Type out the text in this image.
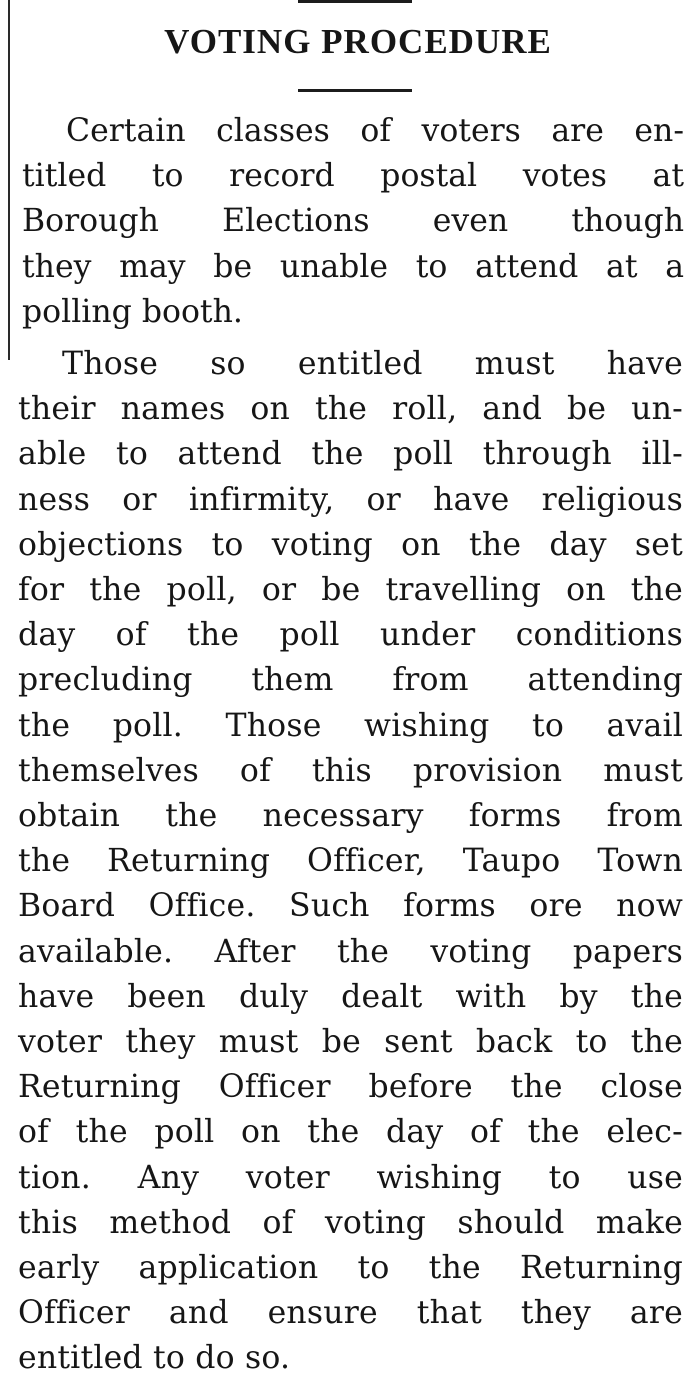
VOTING PROCEDURE

Certain classes of voters are en-
titled to record postal votes at
Borough Elections even though
they may be unable to attend at a
polling booth.

Those so entitled must have
their names on the roll, and be un-
able to attend the poll through ill-
ness or infirmity, or have religious
objections to voting on the day set
for the poll, or be travelling on the
day of the poll under conditions
precluding them from attending
the poll. Those wishing to avail
themselves of this provision must
obtain the necessary forms from
the Returning Officer, Taupo Town
Board Office. Such forms ore now
available. After the voting papers
have been duly dealt with by the
voter they must be sent back to the
Returning Officer before the close
of the poll on the day of the elec-
tion. Any voter wishing to use
this method of voting should make
early application to the Returning
Officer and ensure that they are
entitled to do so.
